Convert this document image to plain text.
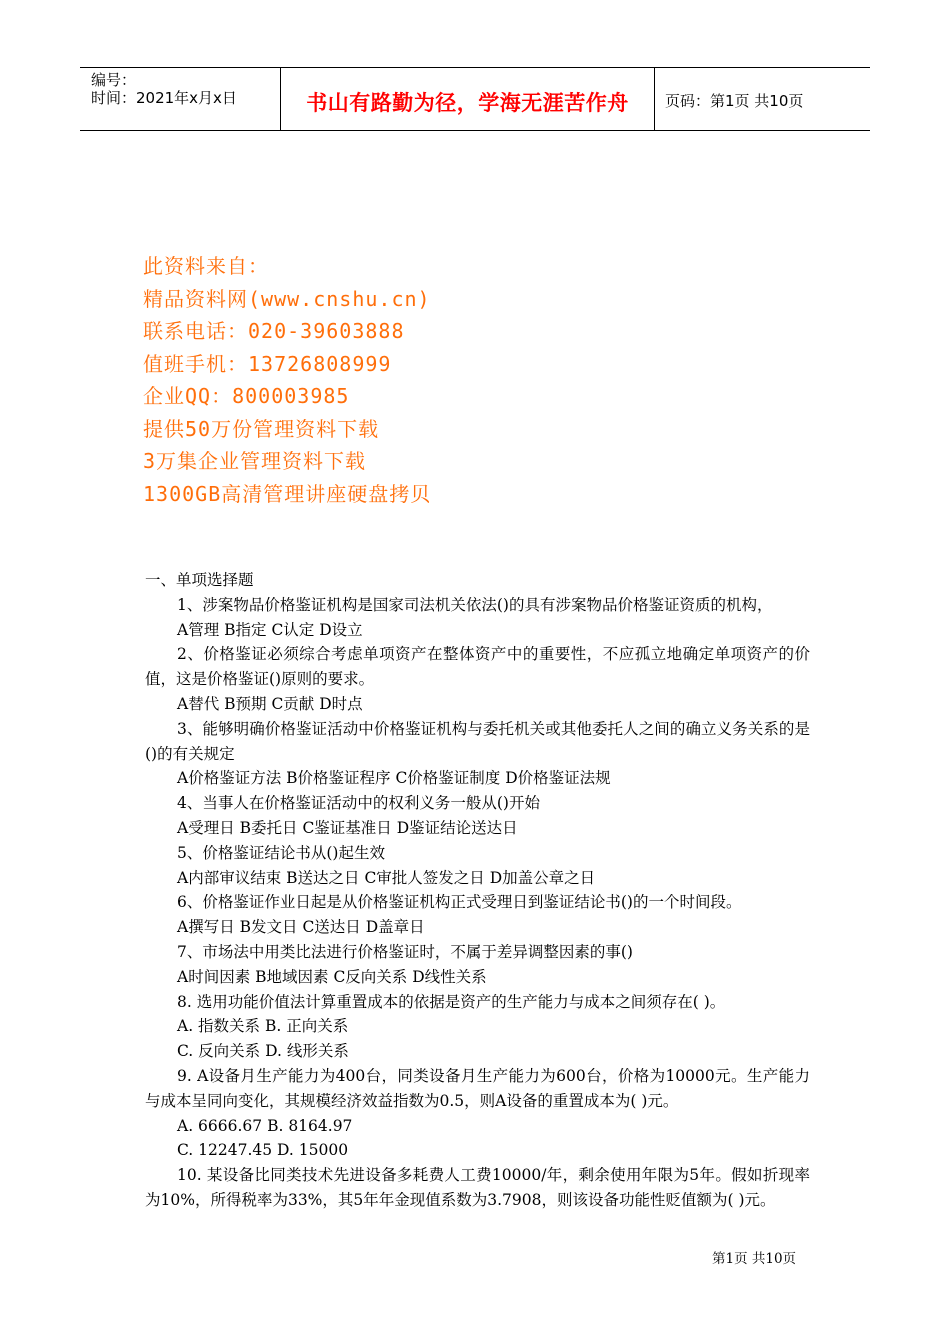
编号：
时间：2021年x月x日	书山有路勤为径，学海无涯苦作舟	页码：第1页 共10页
此资料来自：
精品资料网(www.cnshu.cn)
联系电话：020-39603888
值班手机：13726808999
企业QQ：800003985
提供50万份管理资料下载
3万集企业管理资料下载
1300GB高清管理讲座硬盘拷贝

一、单项选择题

1、涉案物品价格鉴证机构是国家司法机关依法()的具有涉案物品价格鉴证资质的机构，

A管理 B指定 C认定 D设立

2、价格鉴证必须综合考虑单项资产在整体资产中的重要性，不应孤立地确定单项资产的价值，这是价格鉴证()原则的要求。

A替代 B预期 C贡献 D时点

3、能够明确价格鉴证活动中价格鉴证机构与委托机关或其他委托人之间的确立义务关系的是()的有关规定

A价格鉴证方法 B价格鉴证程序 C价格鉴证制度 D价格鉴证法规

4、当事人在价格鉴证活动中的权利义务一般从()开始

A受理日 B委托日 C鉴证基准日 D鉴证结论送达日

5、价格鉴证结论书从()起生效

A内部审议结束 B送达之日 C审批人签发之日 D加盖公章之日

6、价格鉴证作业日起是从价格鉴证机构正式受理日到鉴证结论书()的一个时间段。

A撰写日 B发文日 C送达日 D盖章日

7、市场法中用类比法进行价格鉴证时，不属于差异调整因素的事()

A时间因素 B地域因素 C反向关系 D线性关系

8. 选用功能价值法计算重置成本的依据是资产的生产能力与成本之间须存在( )。

A. 指数关系 B. 正向关系

C. 反向关系 D. 线形关系

9. A设备月生产能力为400台，同类设备月生产能力为600台，价格为10000元。生产能力与成本呈同向变化，其规模经济效益指数为0.5，则A设备的重置成本为( )元。

A. 6666.67 B. 8164.97

C. 12247.45 D. 15000

10. 某设备比同类技术先进设备多耗费人工费10000/年，剩余使用年限为5年。假如折现率为10%，所得税率为33%，其5年年金现值系数为3.7908，则该设备功能性贬值额为( )元。

第1页 共10页
